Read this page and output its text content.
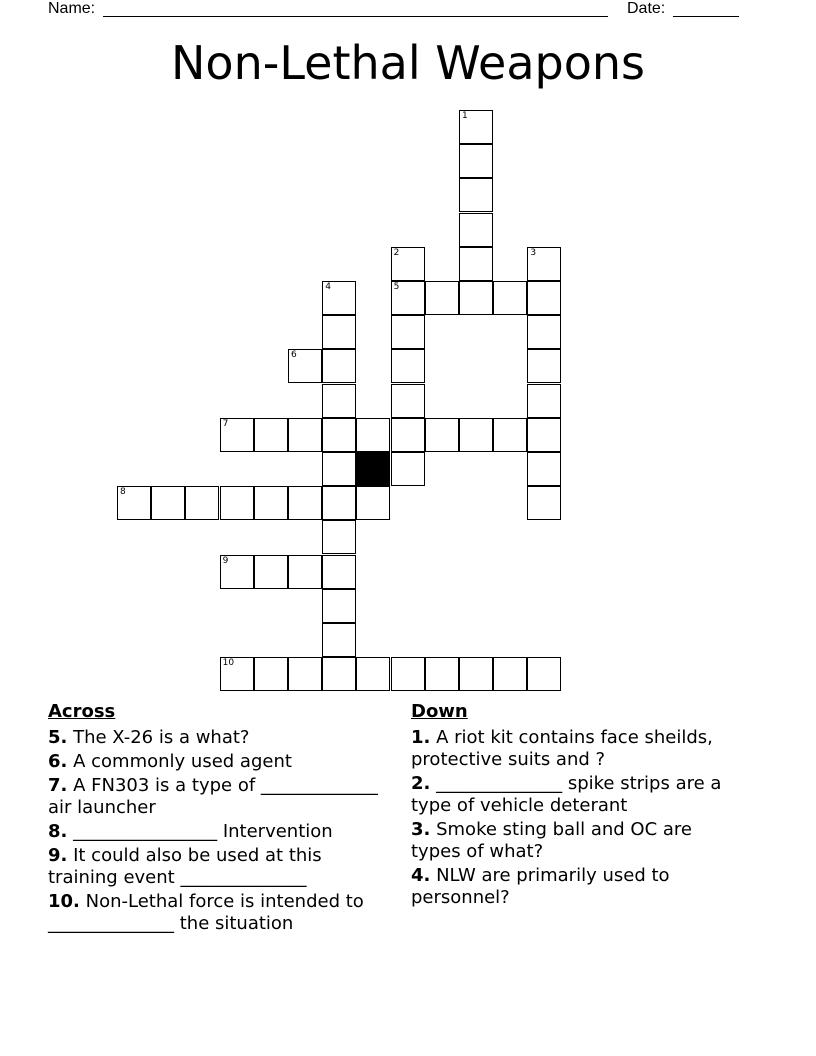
Name:	Date:
Non-Lethal Weapons
1
2	3
4	5
6
7
8
9
10
Across
5. The X-26 is a what?
6. A commonly used agent
7. A FN303 is a type of _____________ air launcher
8. ________________ Intervention
9. It could also be used at this training event ______________
10. Non-Lethal force is intended to ______________ the situation
Down
1. A riot kit contains face sheilds, protective suits and ?
2. ______________ spike strips are a type of vehicle deterant
3. Smoke sting ball and OC are types of what?
4. NLW are primarily used to personnel?
